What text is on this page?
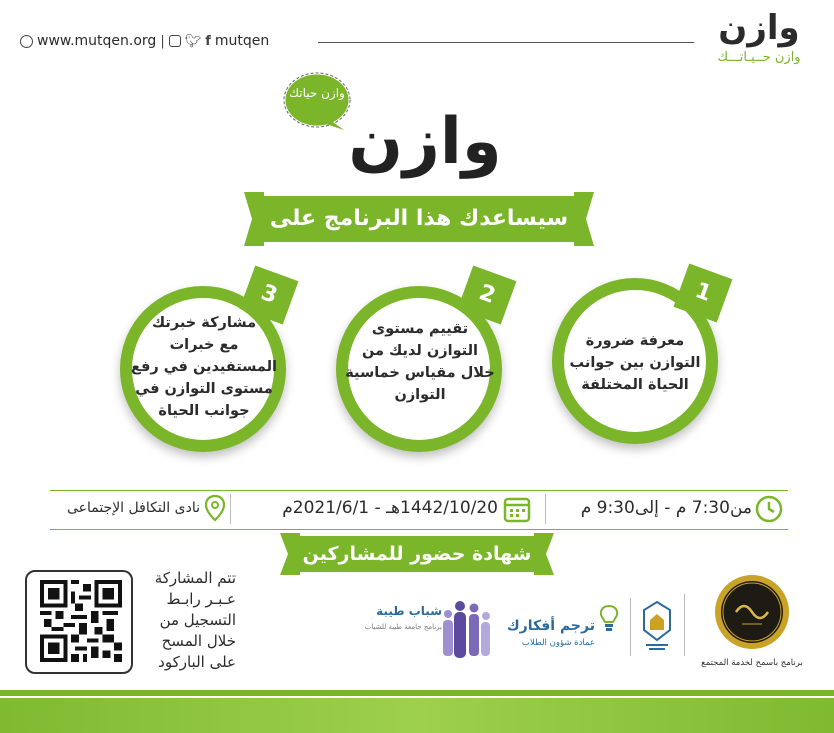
www.mutqen.org | 🐦︎ f mutqen	وازن
وازن حــيـاتـــك
وازن حياتك
وازن
سيساعدك هذا البرنامج على
1
معرفة ضرورة
التوازن بين جوانب
الحياة المختلفة
2
تقييم مستوى
التوازن لديك من
خلال مقياس خماسية
التوازن
3
مشاركة خبرتك
مع خبرات
المستفيدين في رفع
مستوى التوازن في
جوانب الحياة
من7:30 م - إلى9:30 م
1442/10/20هـ - 2021/6/1م
نادى التكافل الإجتماعى
شهادة حضور للمشاركين
تتم المشاركة
عـبـر رابـط
التسجيل من
خلال المسح
على الباركود
شباب طيبة
برنامج جامعة طيبة للشباب	ترجم أفكارك
عمادة شؤون الطلاب
برنامج باسمح لخدمة المجتمع
